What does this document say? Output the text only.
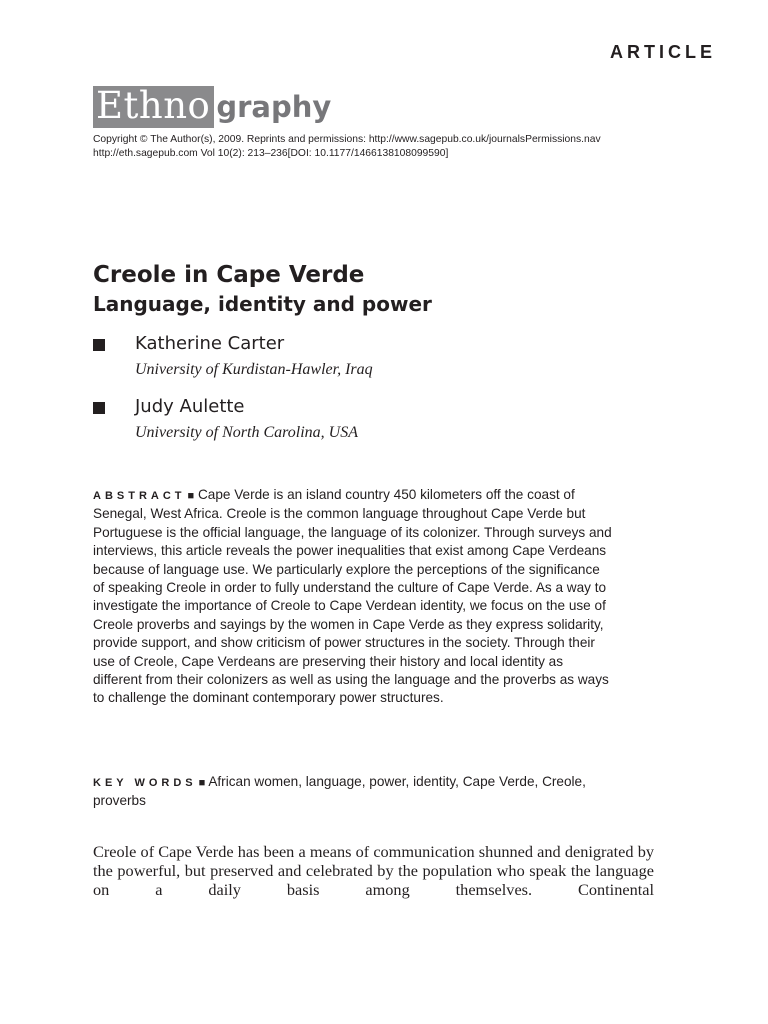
ARTICLE
Ethno graphy
Copyright © The Author(s), 2009. Reprints and permissions: http://www.sagepub.co.uk/journalsPermissions.nav
http://eth.sagepub.com Vol 10(2): 213–236[DOI: 10.1177/1466138108099590]
Creole in Cape Verde
Language, identity and power
Katherine Carter
University of Kurdistan-Hawler, Iraq
Judy Aulette
University of North Carolina, USA

ABSTRACT ■ Cape Verde is an island country 450 kilometers off the coast of Senegal, West Africa. Creole is the common language throughout Cape Verde but Portuguese is the official language, the language of its colonizer. Through surveys and interviews, this article reveals the power inequalities that exist among Cape Verdeans because of language use. We particularly explore the perceptions of the significance of speaking Creole in order to fully understand the culture of Cape Verde. As a way to investigate the importance of Creole to Cape Verdean identity, we focus on the use of Creole proverbs and sayings by the women in Cape Verde as they express solidarity, provide support, and show criticism of power structures in the society. Through their use of Creole, Cape Verdeans are preserving their history and local identity as different from their colonizers as well as using the language and the proverbs as ways to challenge the dominant contemporary power structures.

KEY WORDS ■ African women, language, power, identity, Cape Verde, Creole, proverbs

Creole of Cape Verde has been a means of communication shunned and denigrated by the powerful, but preserved and celebrated by the population who speak the language on a daily basis among themselves. Continental
